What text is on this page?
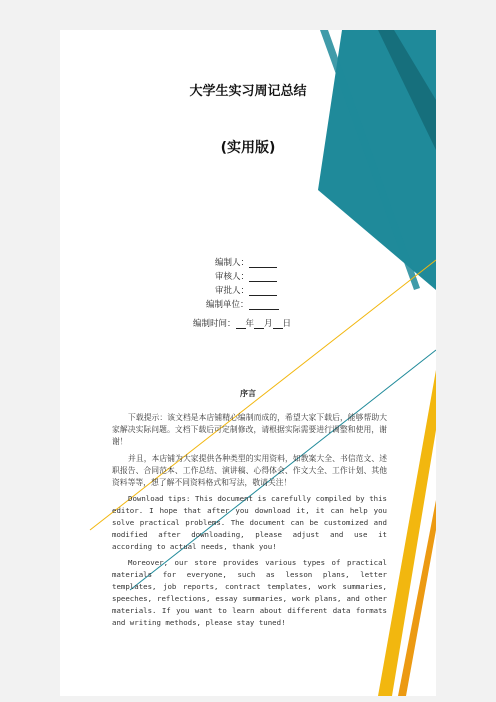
大学生实习周记总结
(实用版)
编制人：
审核人：
审批人：
编制单位：
编制时间： 年 月 日
序言

下载提示：该文档是本店铺精心编制而成的，希望大家下载后，能够帮助大家解决实际问题。文档下载后可定制修改，请根据实际需要进行调整和使用，谢谢！

并且，本店铺为大家提供各种类型的实用资料，如教案大全、书信范文、述职报告、合同范本、工作总结、演讲稿、心得体会、作文大全、工作计划、其他资料等等，想了解不同资料格式和写法，敬请关注！

Download tips: This document is carefully compiled by this editor. I hope that after you download it, it can help you solve practical problems. The document can be customized and modified after downloading, please adjust and use it according to actual needs, thank you!

Moreover, our store provides various types of practical materials for everyone, such as lesson plans, letter templates, job reports, contract templates, work summaries, speeches, reflections, essay summaries, work plans, and other materials. If you want to learn about different data formats and writing methods, please stay tuned!
